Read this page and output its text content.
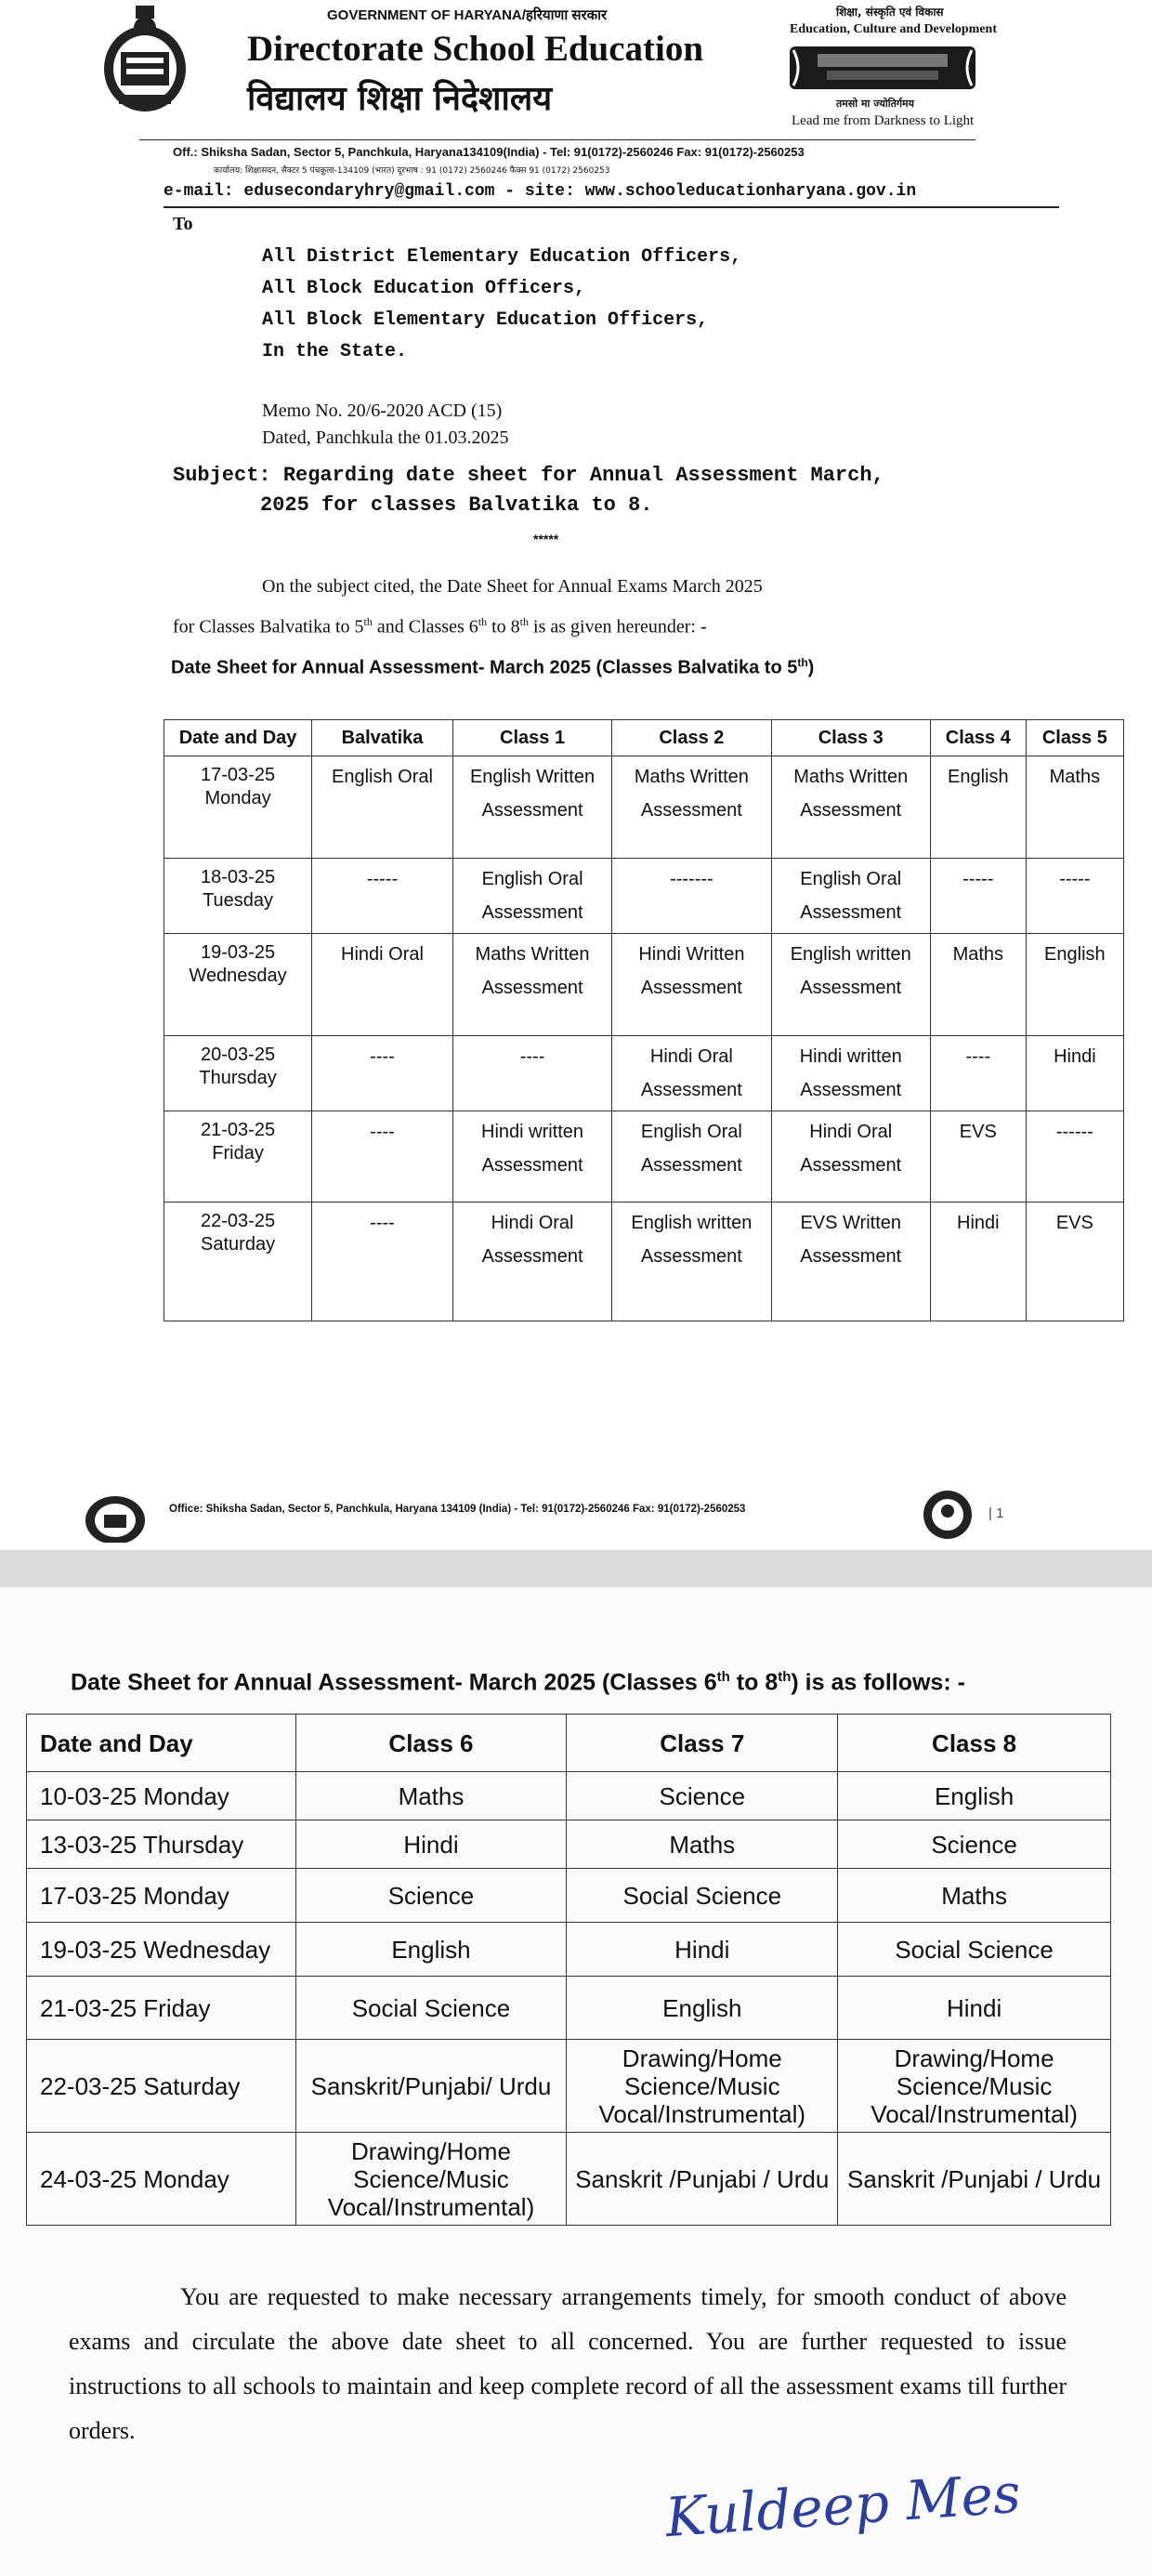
GOVERNMENT OF HARYANA/हरियाणा सरकार
Directorate School Education
विद्यालय शिक्षा निदेशालय
शिक्षा, संस्कृति एवं विकास
Education, Culture and Development
तमसो मा ज्योतिर्गमय
Lead me from Darkness to Light
Off.: Shiksha Sadan, Sector 5, Panchkula, Haryana134109(India) - Tel: 91(0172)-2560246 Fax: 91(0172)-2560253
कार्यालय: शिक्षासदन, सैक्टर 5 पंचकूला-134109 (भारत) दूरभाष : 91 (0172) 2560246 फैक्स 91 (0172) 2560253
e-mail: edusecondaryhry@gmail.com - site: www.schooleducationharyana.gov.in
To
All District Elementary Education Officers,
All Block Education Officers,
All Block Elementary Education Officers,
In the State.
Memo No. 20/6-2020 ACD (15)
Dated, Panchkula the 01.03.2025
Subject: Regarding date sheet for Annual Assessment March,
2025 for classes Balvatika to 8.
*****
On the subject cited, the Date Sheet for Annual Exams March 2025
for Classes Balvatika to 5th and Classes 6th to 8th is as given hereunder: -
Date Sheet for Annual Assessment- March 2025 (Classes Balvatika to 5th)
Date and Day	Balvatika	Class 1	Class 2	Class 3	Class 4	Class 5

17-03-25
Monday	English Oral	English Written Assessment	Maths Written Assessment	Maths Written Assessment	English	Maths

18-03-25
Tuesday	-----	English Oral Assessment	-------	English Oral Assessment	-----	-----

19-03-25
Wednesday	Hindi Oral	Maths Written Assessment	Hindi Written Assessment	English written Assessment	Maths	English

20-03-25
Thursday	----	----	Hindi Oral Assessment	Hindi written Assessment	----	Hindi

21-03-25
Friday	----	Hindi written Assessment	English Oral Assessment	Hindi Oral Assessment	EVS	------

22-03-25
Saturday	----	Hindi Oral Assessment	English written Assessment	EVS Written Assessment	Hindi	EVS
Office: Shiksha Sadan, Sector 5, Panchkula, Haryana 134109 (India) - Tel: 91(0172)-2560246 Fax: 91(0172)-2560253	| 1
Date Sheet for Annual Assessment- March 2025 (Classes 6th to 8th) is as follows: -
Date and Day	Class 6	Class 7	Class 8
10-03-25 Monday	Maths	Science	English
13-03-25 Thursday	Hindi	Maths	Science
17-03-25 Monday	Science	Social Science	Maths
19-03-25 Wednesday	English	Hindi	Social Science
21-03-25 Friday	Social Science	English	Hindi
22-03-25 Saturday	Sanskrit/Punjabi/ Urdu	Drawing/Home Science/Music Vocal/Instrumental)	Drawing/Home Science/Music Vocal/Instrumental)
24-03-25 Monday	Drawing/Home Science/Music Vocal/Instrumental)	Sanskrit /Punjabi / Urdu	Sanskrit /Punjabi / Urdu
You are requested to make necessary arrangements timely, for smooth conduct of above exams and circulate the above date sheet to all concerned. You are further requested to issue instructions to all schools to maintain and keep complete record of all the assessment exams till further orders.
Kuldeep Mes
